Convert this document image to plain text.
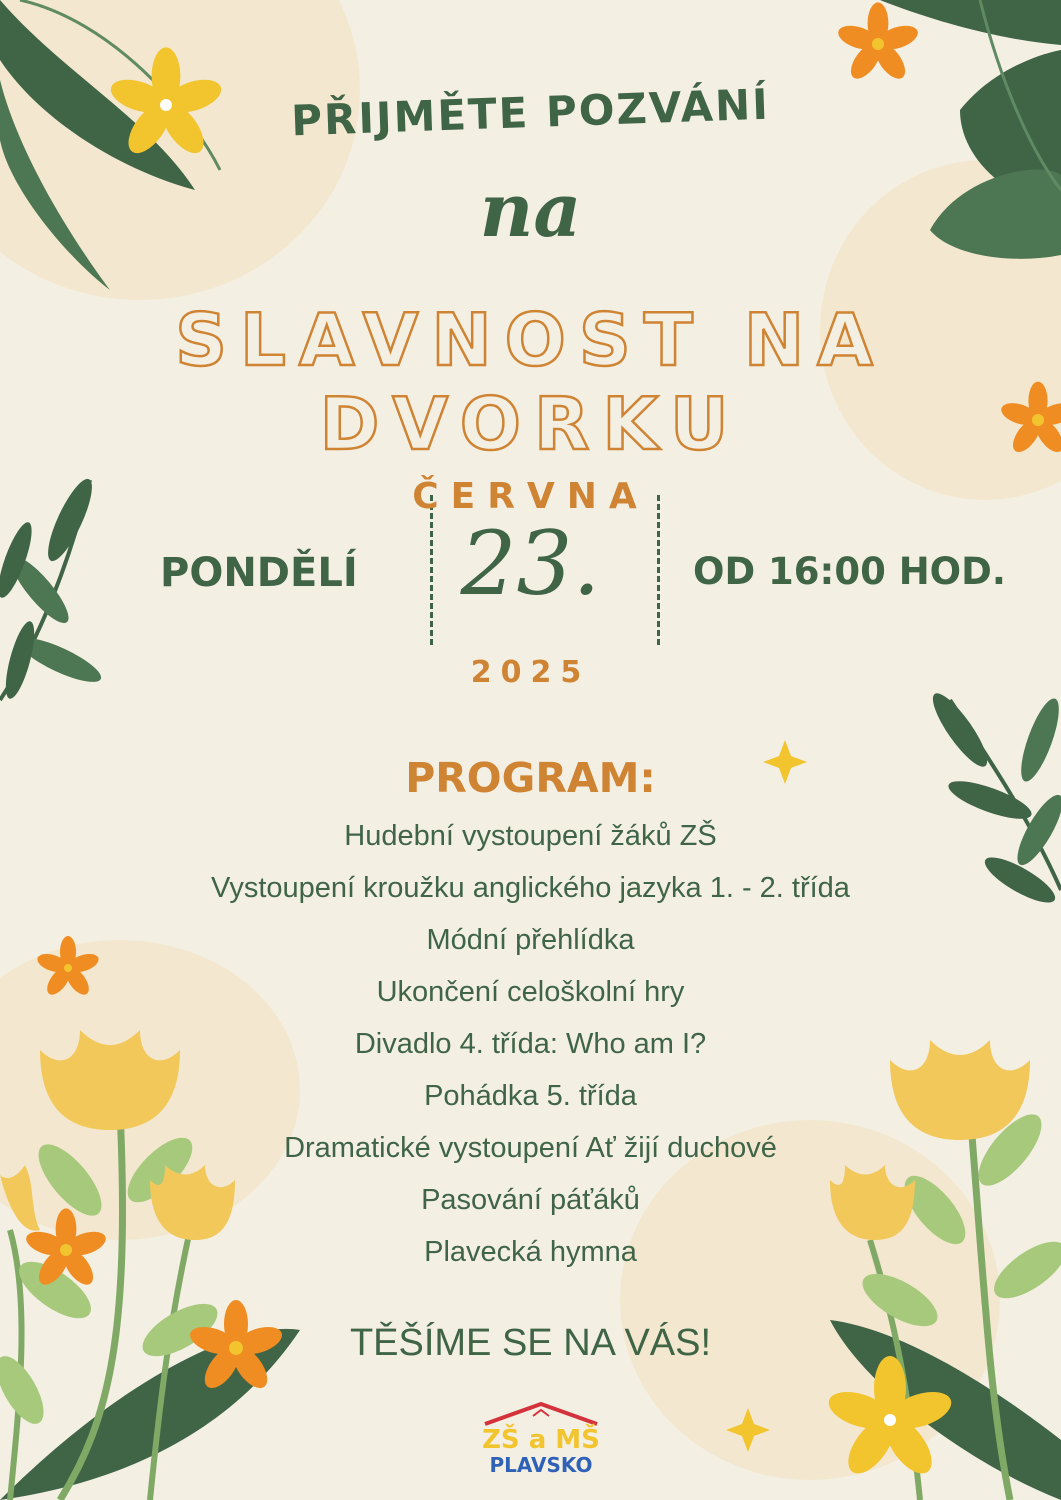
PŘIJMĚTE POZVÁNÍ
na
SLAVNOST NA DVORKU
PONDĚLÍ
ČERVNA
23.
2025
OD 16:00 HOD.
PROGRAM:
Hudební vystoupení žáků ZŠ
Vystoupení kroužku anglického jazyka 1. - 2. třída
Módní přehlídka
Ukončení celoškolní hry
Divadlo 4. třída: Who am I?
Pohádka 5. třída
Dramatické vystoupení Ať žijí duchové
Pasování páťáků
Plavecká hymna
TĚŠÍME SE NA VÁS!
ZŠ a MŠ
PLAVSKO
